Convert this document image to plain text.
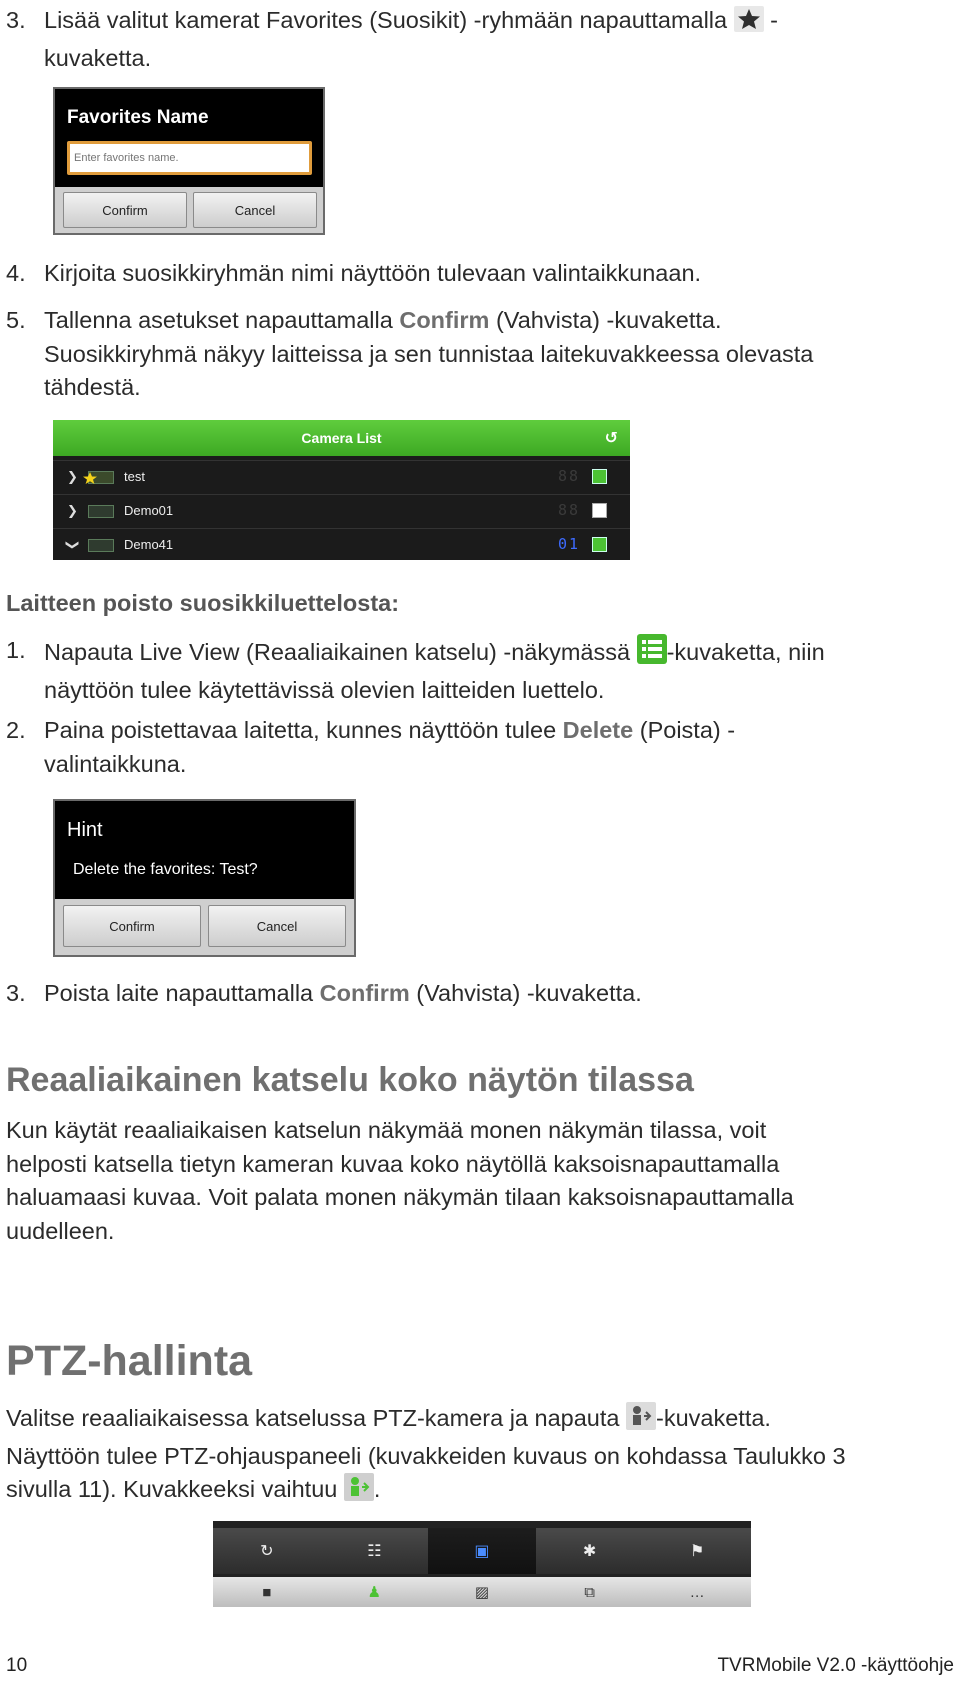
3. Lisää valitut kamerat Favorites (Suosikit) -ryhmään napauttamalla -
kuvaketta.
Favorites Name
Enter favorites name.
Confirm	Cancel
4. Kirjoita suosikkiryhmän nimi näyttöön tulevaan valintaikkunaan.
5. Tallenna asetukset napauttamalla Confirm (Vahvista) -kuvaketta.
Suosikkiryhmä näkyy laitteissa ja sen tunnistaa laitekuvakkeessa olevasta
tähdestä.
Camera List	↺
❯	test	88
❯	Demo01	88
❯	Demo41	01
Laitteen poisto suosikkiluettelosta:
1. Napauta Live View (Reaaliaikainen katselu) -näkymässä -kuvaketta, niin
näyttöön tulee käytettävissä olevien laitteiden luettelo.
2. Paina poistettavaa laitetta, kunnes näyttöön tulee Delete (Poista) -
valintaikkuna.
Hint
Delete the favorites: Test?
Confirm	Cancel
3. Poista laite napauttamalla Confirm (Vahvista) -kuvaketta.
Reaaliaikainen katselu koko näytön tilassa
Kun käytät reaaliaikaisen katselun näkymää monen näkymän tilassa, voit
helposti katsella tietyn kameran kuvaa koko näytöllä kaksoisnapauttamalla
haluamaasi kuvaa. Voit palata monen näkymän tilaan kaksoisnapauttamalla
uudelleen.
PTZ-hallinta
Valitse reaaliaikaisessa katselussa PTZ-kamera ja napauta -kuvaketta.
Näyttöön tulee PTZ-ohjauspaneeli (kuvakkeiden kuvaus on kohdassa Taulukko 3
sivulla 11). Kuvakkeeksi vaihtuu .
↻	☷	▣	✱	⚑
■	♟	▨	⧉	…
10	TVRMobile V2.0 -käyttöohje
